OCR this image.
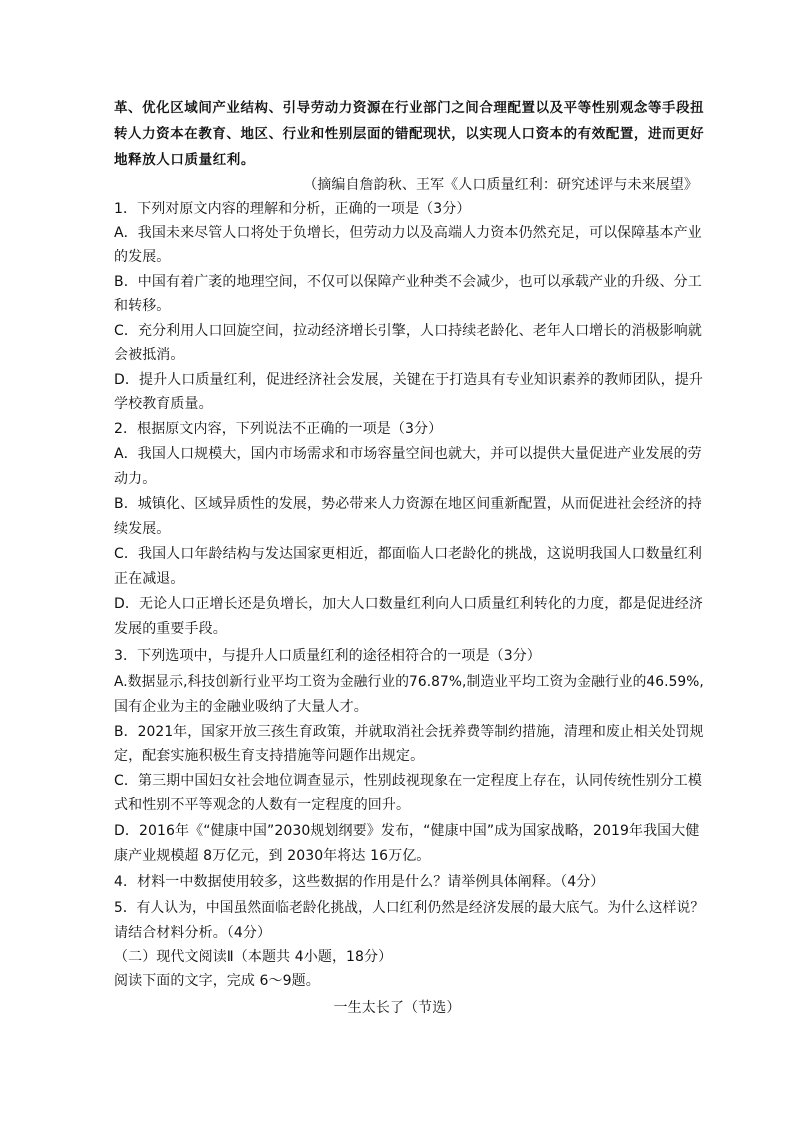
革、优化区域间产业结构、引导劳动力资源在行业部门之间合理配置以及平等性别观念等手段扭
转人力资本在教育、地区、行业和性别层面的错配现状，以实现人口资本的有效配置，进而更好
地释放人口质量红利。
（摘编自詹韵秋、王军《人口质量红利：研究述评与未来展望》
1．下列对原文内容的理解和分析，正确的一项是（3分）
A．我国未来尽管人口将处于负增长，但劳动力以及高端人力资本仍然充足，可以保障基本产业
的发展。
B．中国有着广袤的地理空间，不仅可以保障产业种类不会减少，也可以承载产业的升级、分工
和转移。
C．充分利用人口回旋空间，拉动经济增长引擎，人口持续老龄化、老年人口增长的消极影响就
会被抵消。
D．提升人口质量红利，促进经济社会发展，关键在于打造具有专业知识素养的教师团队，提升
学校教育质量。
2．根据原文内容，下列说法不正确的一项是（3分）
A．我国人口规模大，国内市场需求和市场容量空间也就大，并可以提供大量促进产业发展的劳
动力。
B．城镇化、区域异质性的发展，势必带来人力资源在地区间重新配置，从而促进社会经济的持
续发展。
C．我国人口年龄结构与发达国家更相近，都面临人口老龄化的挑战，这说明我国人口数量红利
正在减退。
D．无论人口正增长还是负增长，加大人口数量红利向人口质量红利转化的力度，都是促进经济
发展的重要手段。
3．下列选项中，与提升人口质量红利的途径相符合的一项是（3分）
A.数据显示,科技创新行业平均工资为金融行业的76.87%,制造业平均工资为金融行业的46.59%,
国有企业为主的金融业吸纳了大量人才。
B．2021年，国家开放三孩生育政策，并就取消社会抚养费等制约措施，清理和废止相关处罚规
定，配套实施积极生育支持措施等问题作出规定。
C．第三期中国妇女社会地位调查显示，性别歧视现象在一定程度上存在，认同传统性别分工模
式和性别不平等观念的人数有一定程度的回升。
D．2016年《“健康中国”2030规划纲要》发布，“健康中国”成为国家战略，2019年我国大健
康产业规模超 8万亿元，到 2030年将达 16万亿。
4．材料一中数据使用较多，这些数据的作用是什么？请举例具体阐释。（4分）
5．有人认为，中国虽然面临老龄化挑战，人口红利仍然是经济发展的最大底气。为什么这样说？
请结合材料分析。（4分）
（二）现代文阅读Ⅱ（本题共 4小题，18分）
阅读下面的文字，完成 6～9题。
一生太长了（节选）
